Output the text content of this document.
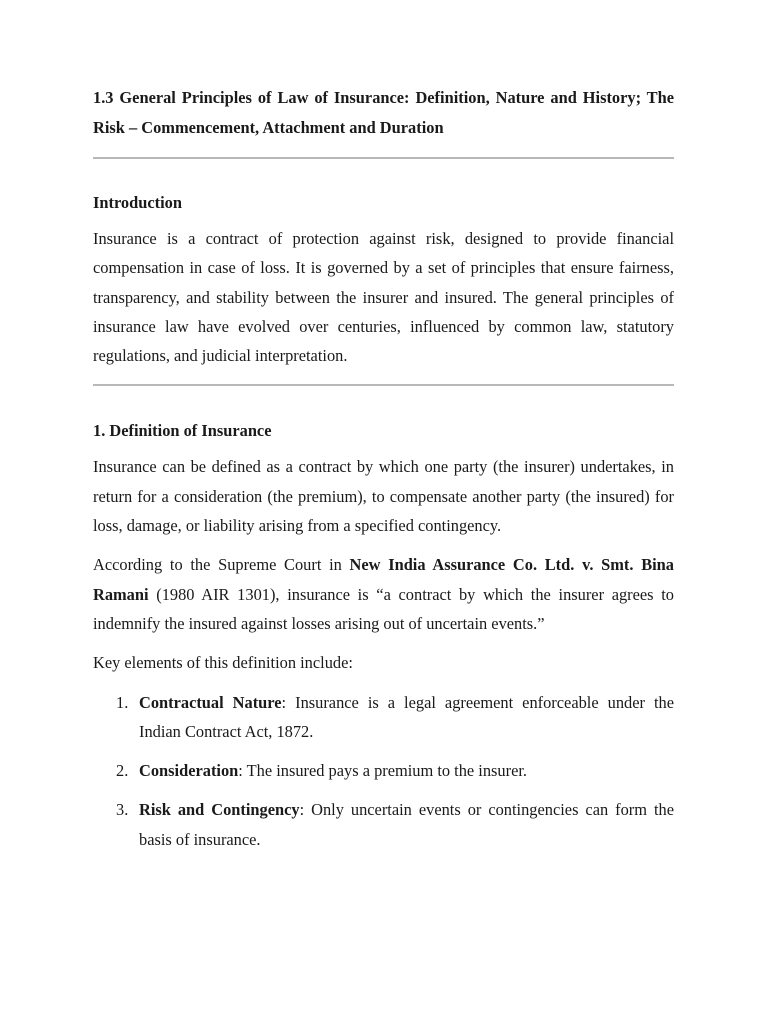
1.3 General Principles of Law of Insurance: Definition, Nature and History; The Risk – Commencement, Attachment and Duration

Introduction

Insurance is a contract of protection against risk, designed to provide financial compensation in case of loss. It is governed by a set of principles that ensure fairness, transparency, and stability between the insurer and insured. The general principles of insurance law have evolved over centuries, influenced by common law, statutory regulations, and judicial interpretation.

1. Definition of Insurance

Insurance can be defined as a contract by which one party (the insurer) undertakes, in return for a consideration (the premium), to compensate another party (the insured) for loss, damage, or liability arising from a specified contingency.

According to the Supreme Court in New India Assurance Co. Ltd. v. Smt. Bina Ramani (1980 AIR 1301), insurance is “a contract by which the insurer agrees to indemnify the insured against losses arising out of uncertain events.”

Key elements of this definition include:

1. Contractual Nature: Insurance is a legal agreement enforceable under the Indian Contract Act, 1872.
2. Consideration: The insured pays a premium to the insurer.
3. Risk and Contingency: Only uncertain events or contingencies can form the basis of insurance.
